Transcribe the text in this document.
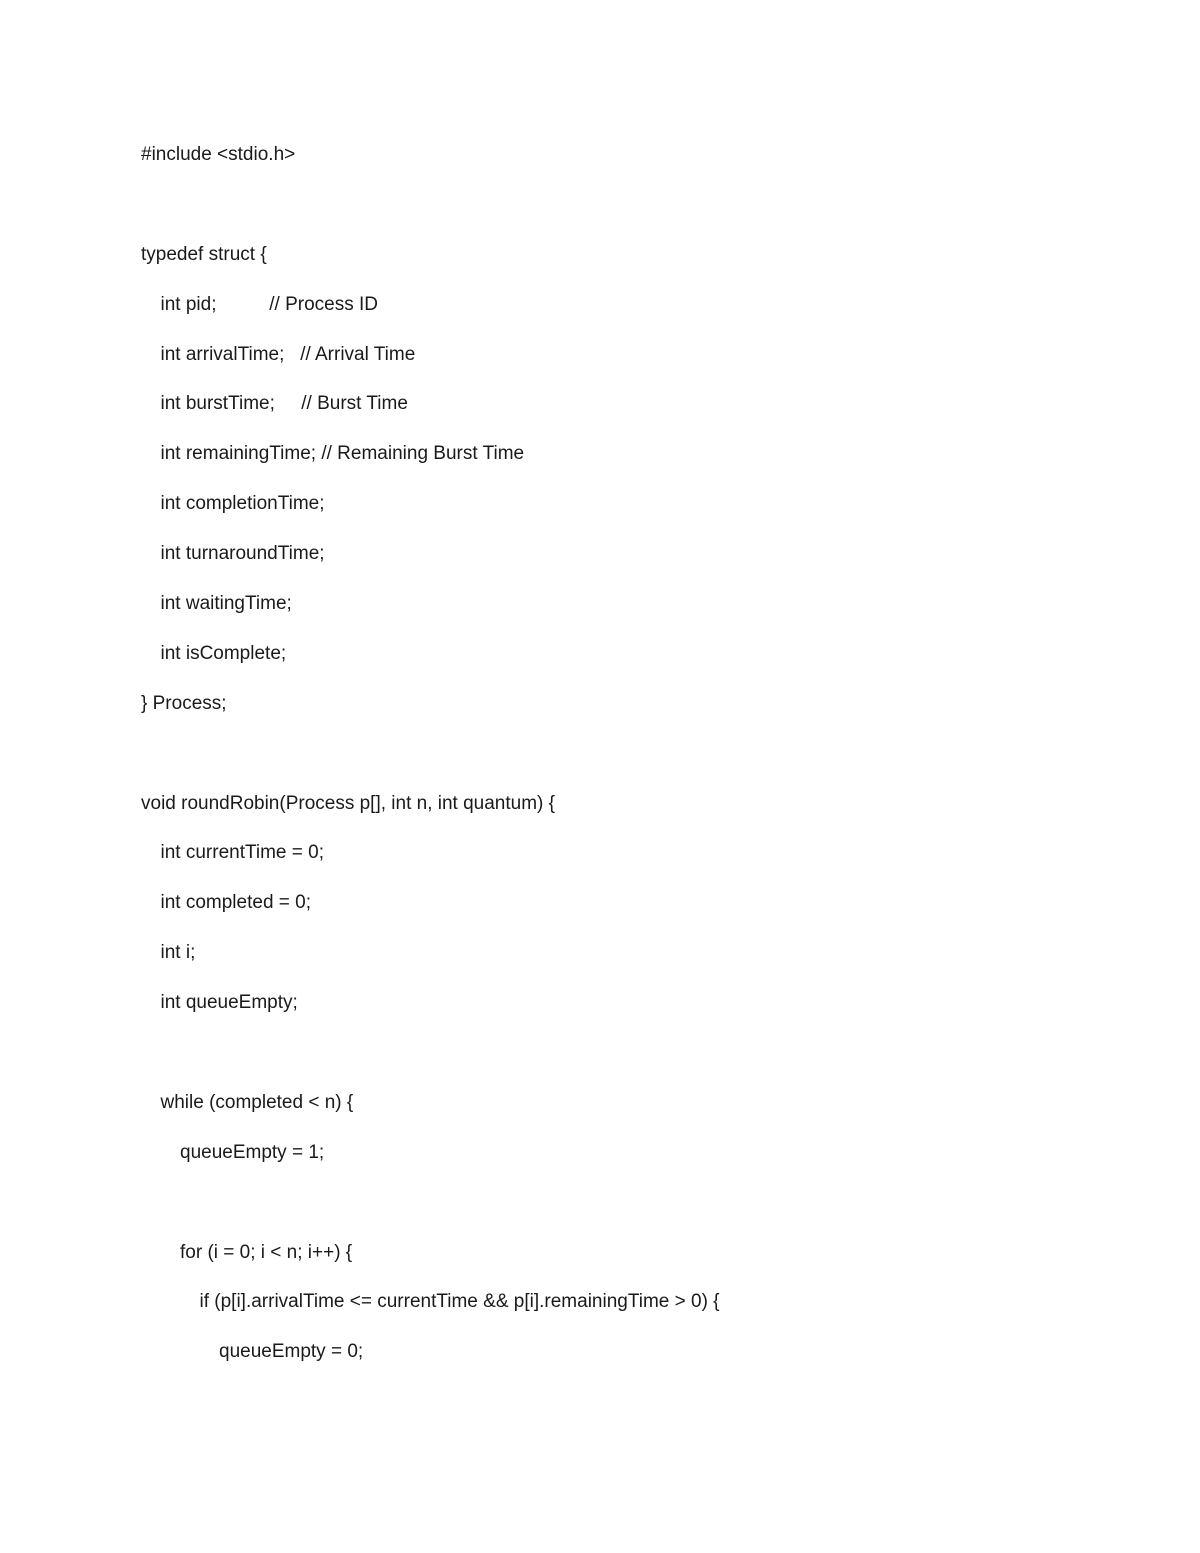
#include <stdio.h>
typedef struct {
int pid;          // Process ID
int arrivalTime;   // Arrival Time
int burstTime;     // Burst Time
int remainingTime; // Remaining Burst Time
int completionTime;
int turnaroundTime;
int waitingTime;
int isComplete;
} Process;
void roundRobin(Process p[], int n, int quantum) {
int currentTime = 0;
int completed = 0;
int i;
int queueEmpty;
while (completed < n) {
queueEmpty = 1;
for (i = 0; i < n; i++) {
if (p[i].arrivalTime <= currentTime && p[i].remainingTime > 0) {
queueEmpty = 0;
